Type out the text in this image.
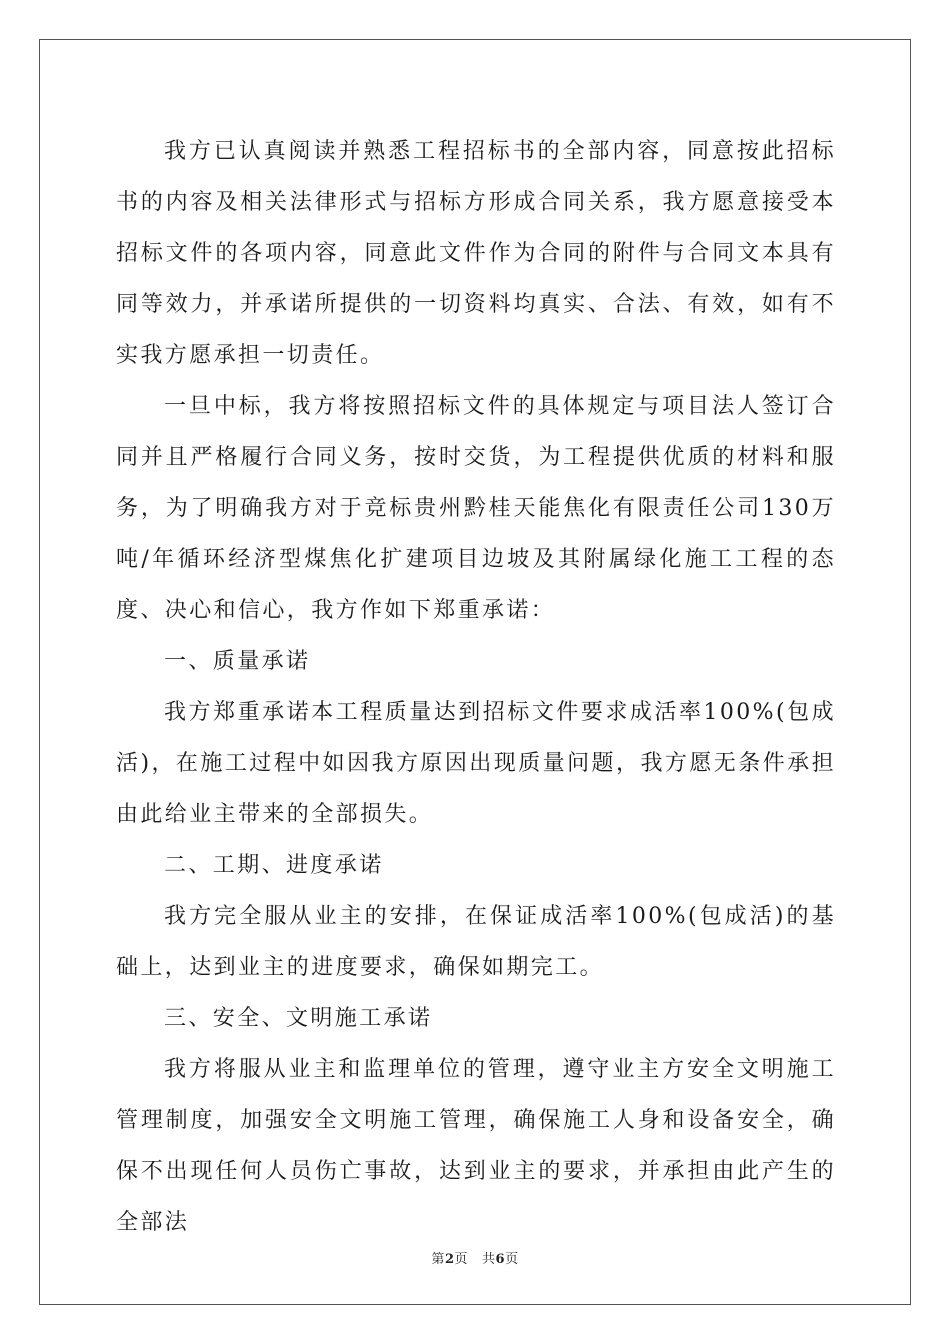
我方已认真阅读并熟悉工程招标书的全部内容，同意按此招标书的内容及相关法律形式与招标方形成合同关系，我方愿意接受本招标文件的各项内容，同意此文件作为合同的附件与合同文本具有同等效力，并承诺所提供的一切资料均真实、合法、有效，如有不实我方愿承担一切责任。

一旦中标，我方将按照招标文件的具体规定与项目法人签订合同并且严格履行合同义务，按时交货，为工程提供优质的材料和服务，为了明确我方对于竞标贵州黔桂天能焦化有限责任公司130万吨/年循环经济型煤焦化扩建项目边坡及其附属绿化施工工程的态度、决心和信心，我方作如下郑重承诺：

一、质量承诺

我方郑重承诺本工程质量达到招标文件要求成活率100%(包成活)，在施工过程中如因我方原因出现质量问题，我方愿无条件承担由此给业主带来的全部损失。

二、工期、进度承诺

我方完全服从业主的安排，在保证成活率100%(包成活)的基础上，达到业主的进度要求，确保如期完工。

三、安全、文明施工承诺

我方将服从业主和监理单位的管理，遵守业主方安全文明施工管理制度，加强安全文明施工管理，确保施工人身和设备安全，确保不出现任何人员伤亡事故，达到业主的要求，并承担由此产生的全部法

第2页 共6页
